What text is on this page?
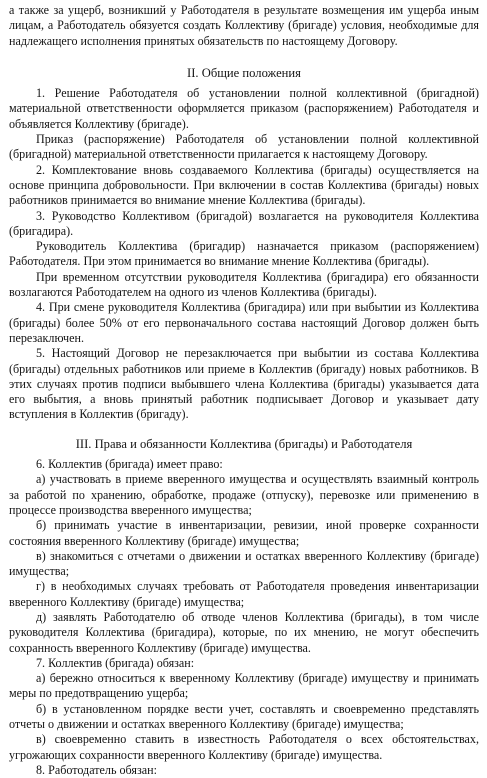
а также за ущерб, возникший у Работодателя в результате возмещения им ущерба иным лицам, а Работодатель обязуется создать Коллективу (бригаде) условия, необходимые для надлежащего исполнения принятых обязательств по настоящему Договору.

II. Общие положения

1. Решение Работодателя об установлении полной коллективной (бригадной) материальной ответственности оформляется приказом (распоряжением) Работодателя и объявляется Коллективу (бригаде).

Приказ (распоряжение) Работодателя об установлении полной коллективной (бригадной) материальной ответственности прилагается к настоящему Договору.

2. Комплектование вновь создаваемого Коллектива (бригады) осуществляется на основе принципа добровольности. При включении в состав Коллектива (бригады) новых работников принимается во внимание мнение Коллектива (бригады).

3. Руководство Коллективом (бригадой) возлагается на руководителя Коллектива (бригадира).

Руководитель Коллектива (бригадир) назначается приказом (распоряжением) Работодателя. При этом принимается во внимание мнение Коллектива (бригады).

При временном отсутствии руководителя Коллектива (бригадира) его обязанности возлагаются Работодателем на одного из членов Коллектива (бригады).

4. При смене руководителя Коллектива (бригадира) или при выбытии из Коллектива (бригады) более 50% от его первоначального состава настоящий Договор должен быть перезаключен.

5. Настоящий Договор не перезаключается при выбытии из состава Коллектива (бригады) отдельных работников или приеме в Коллектив (бригаду) новых работников. В этих случаях против подписи выбывшего члена Коллектива (бригады) указывается дата его выбытия, а вновь принятый работник подписывает Договор и указывает дату вступления в Коллектив (бригаду).

III. Права и обязанности Коллектива (бригады) и Работодателя

6. Коллектив (бригада) имеет право:

а) участвовать в приеме вверенного имущества и осуществлять взаимный контроль за работой по хранению, обработке, продаже (отпуску), перевозке или применению в процессе производства вверенного имущества;

б) принимать участие в инвентаризации, ревизии, иной проверке сохранности состояния вверенного Коллективу (бригаде) имущества;

в) знакомиться с отчетами о движении и остатках вверенного Коллективу (бригаде) имущества;

г) в необходимых случаях требовать от Работодателя проведения инвентаризации вверенного Коллективу (бригаде) имущества;

д) заявлять Работодателю об отводе членов Коллектива (бригады), в том числе руководителя Коллектива (бригадира), которые, по их мнению, не могут обеспечить сохранность вверенного Коллективу (бригаде) имущества.

7. Коллектив (бригада) обязан:

а) бережно относиться к вверенному Коллективу (бригаде) имуществу и принимать меры по предотвращению ущерба;

б) в установленном порядке вести учет, составлять и своевременно представлять отчеты о движении и остатках вверенного Коллективу (бригаде) имущества;

в) своевременно ставить в известность Работодателя о всех обстоятельствах, угрожающих сохранности вверенного Коллективу (бригаде) имущества.

8. Работодатель обязан:
